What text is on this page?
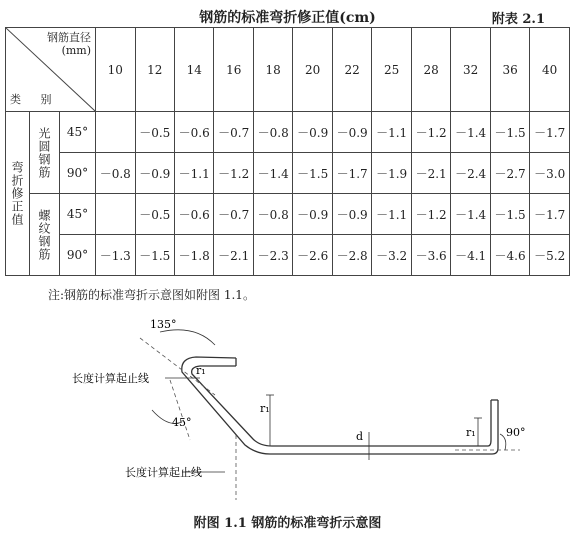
钢筋的标准弯折修正值(cm)	附表 2.1
钢筋直径
(mm)
类 别			10	12	14	16	18	20	22	25	28	32	36	40

弯折修正值	光圆钢筋	45°		－0.5	－0.6	－0.7	－0.8	－0.9	－0.9	－1.1	－1.2	－1.4	－1.5	－1.7
		90°	－0.8	－0.9	－1.1	－1.2	－1.4	－1.5	－1.7	－1.9	－2.1	－2.4	－2.7	－3.0

	螺纹钢筋	45°		－0.5	－0.6	－0.7	－0.8	－0.9	－0.9	－1.1	－1.2	－1.4	－1.5	－1.7
		90°	－1.3	－1.5	－1.8	－2.1	－2.3	－2.6	－2.8	－3.2	－3.6	－4.1	－4.6	－5.2
注:钢筋的标准弯折示意图如附图 1.1。
135°
r₁
长度计算起止线
45°
r₁
d	r₁	90°
长度计算起止线
附图 1.1 钢筋的标准弯折示意图
